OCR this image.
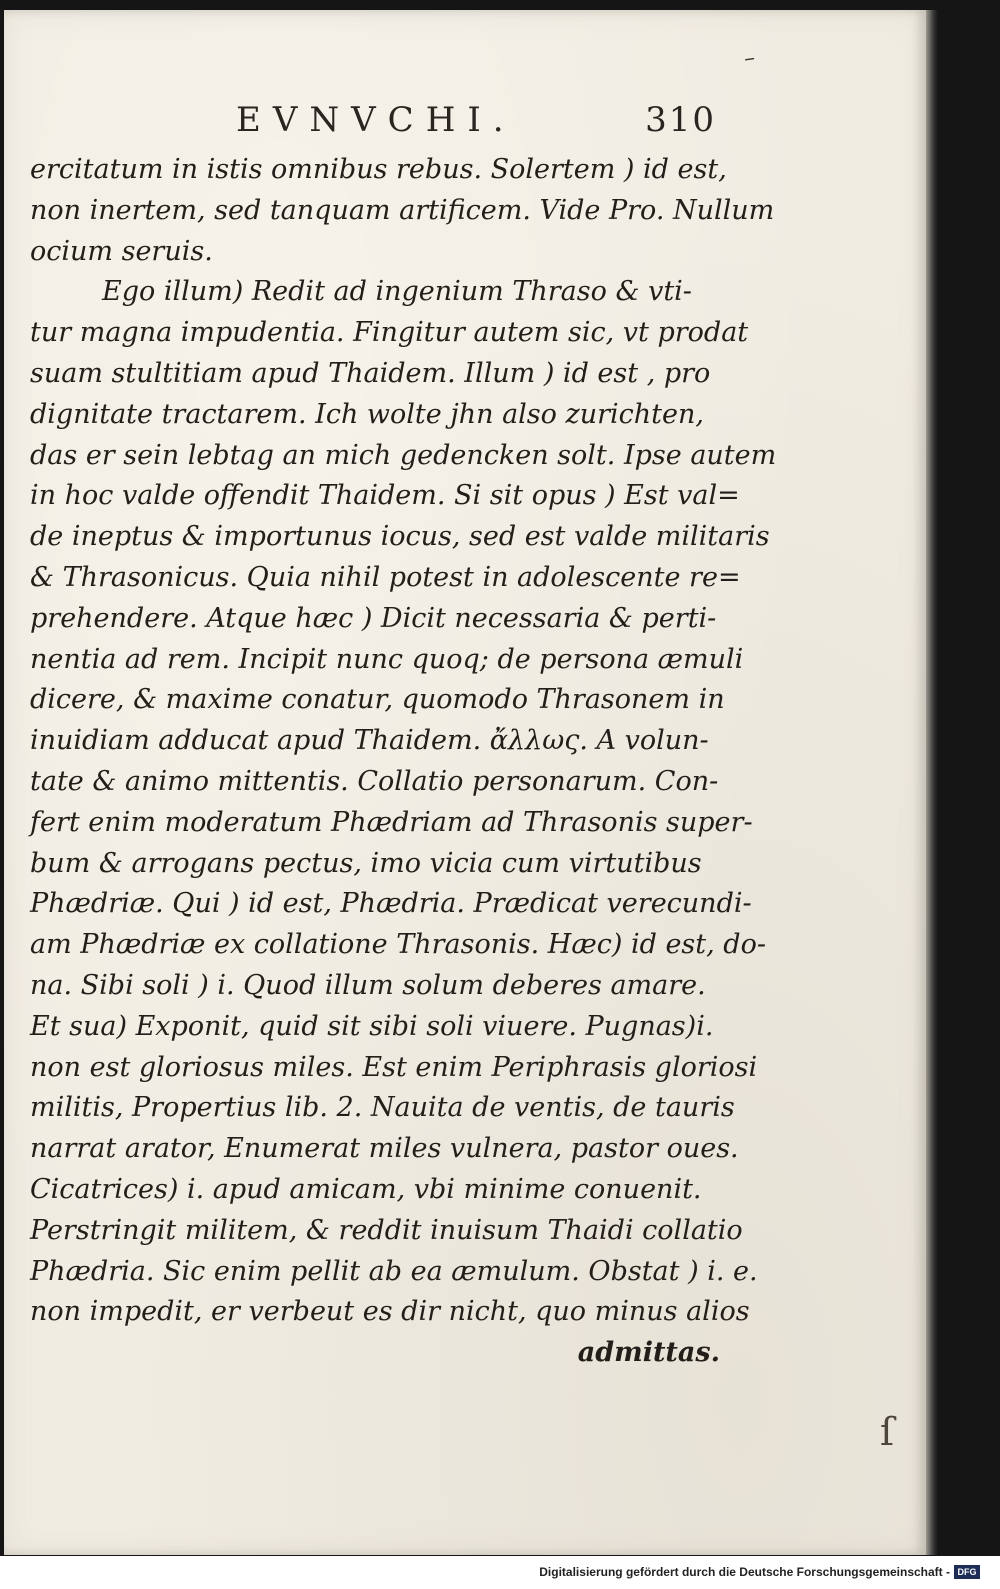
EVNVCHI.	310
ercitatum in istis omnibus rebus. Solertem ) id est,
non inertem, sed tanquam artificem. Vide Pro. Nullum
ocium seruis.
Ego illum) Redit ad ingenium Thraso & vti-
tur magna impudentia. Fingitur autem sic, vt prodat
suam stultitiam apud Thaidem. Illum ) id est , pro
dignitate tractarem. Ich wolte jhn also zurichten,
das er sein lebtag an mich gedencken solt. Ipse autem
in hoc valde offendit Thaidem. Si sit opus ) Est val=
de ineptus & importunus iocus, sed est valde militaris
& Thrasonicus. Quia nihil potest in adolescente re=
prehendere. Atque hæc ) Dicit necessaria & perti-
nentia ad rem. Incipit nunc quoq; de persona æmuli
dicere, & maxime conatur, quomodo Thrasonem in
inuidiam adducat apud Thaidem. ἄλλως. A volun-
tate & animo mittentis. Collatio personarum. Con-
fert enim moderatum Phædriam ad Thrasonis super-
bum & arrogans pectus, imo vicia cum virtutibus
Phædriæ. Qui ) id est, Phædria. Prædicat verecundi-
am Phædriæ ex collatione Thrasonis. Hæc) id est, do-
na. Sibi soli ) i. Quod illum solum deberes amare.
Et sua) Exponit, quid sit sibi soli viuere. Pugnas)i.
non est gloriosus miles. Est enim Periphrasis gloriosi
militis, Propertius lib. 2. Nauita de ventis, de tauris
narrat arator, Enumerat miles vulnera, pastor oues.
Cicatrices) i. apud amicam, vbi minime conuenit.
Perstringit militem, & reddit inuisum Thaidi collatio
Phædria. Sic enim pellit ab ea æmulum. Obstat ) i. e.
non impedit, er verbeut es dir nicht, quo minus alios
admittas.
–
ſ
Digitalisierung gefördert durch die Deutsche Forschungsgemeinschaft - DFG
